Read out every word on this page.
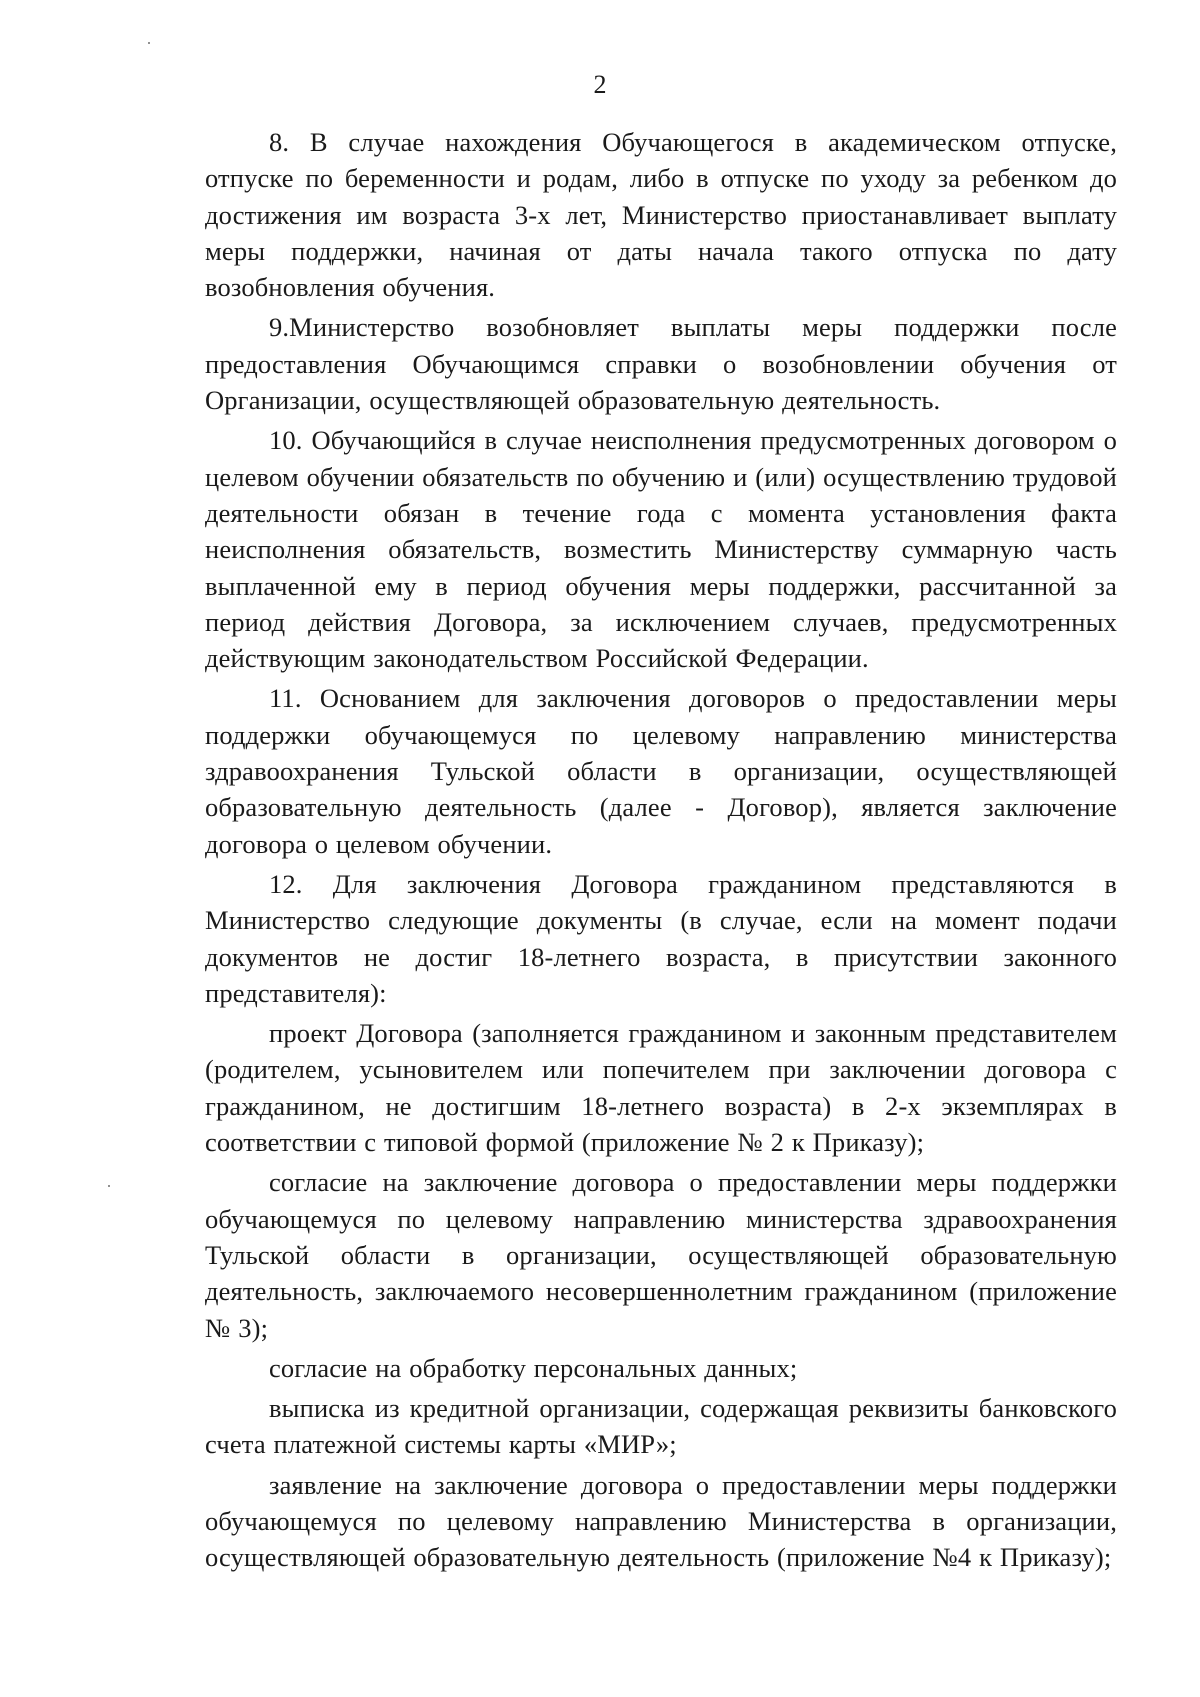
2

8. В случае нахождения Обучающегося в академическом отпуске, отпуске по беременности и родам, либо в отпуске по уходу за ребенком до достижения им возраста 3-х лет, Министерство приостанавливает выплату меры поддержки, начиная от даты начала такого отпуска по дату возобновления обучения.

9.Министерство возобновляет выплаты меры поддержки после предоставления Обучающимся справки о возобновлении обучения от Организации, осуществляющей образовательную деятельность.

10. Обучающийся в случае неисполнения предусмотренных договором о целевом обучении обязательств по обучению и (или) осуществлению трудовой деятельности обязан в течение года с момента установления факта неисполнения обязательств, возместить Министерству суммарную часть выплаченной ему в период обучения меры поддержки, рассчитанной за период действия Договора, за исключением случаев, предусмотренных действующим законодательством Российской Федерации.

11. Основанием для заключения договоров о предоставлении меры поддержки обучающемуся по целевому направлению министерства здравоохранения Тульской области в организации, осуществляющей образовательную деятельность (далее - Договор), является заключение договора о целевом обучении.

12. Для заключения Договора гражданином представляются в Министерство следующие документы (в случае, если на момент подачи документов не достиг 18-летнего возраста, в присутствии законного представителя):

проект Договора (заполняется гражданином и законным представителем (родителем, усыновителем или попечителем при заключении договора с гражданином, не достигшим 18-летнего возраста) в 2-х экземплярах в соответствии с типовой формой (приложение № 2 к Приказу);

согласие на заключение договора о предоставлении меры поддержки обучающемуся по целевому направлению министерства здравоохранения Тульской области в организации, осуществляющей образовательную деятельность, заключаемого несовершеннолетним гражданином (приложение № 3);

согласие на обработку персональных данных;

выписка из кредитной организации, содержащая реквизиты банковского счета платежной системы карты «МИР»;

заявление на заключение договора о предоставлении меры поддержки обучающемуся по целевому направлению Министерства в организации, осуществляющей образовательную деятельность (приложение №4 к Приказу);
